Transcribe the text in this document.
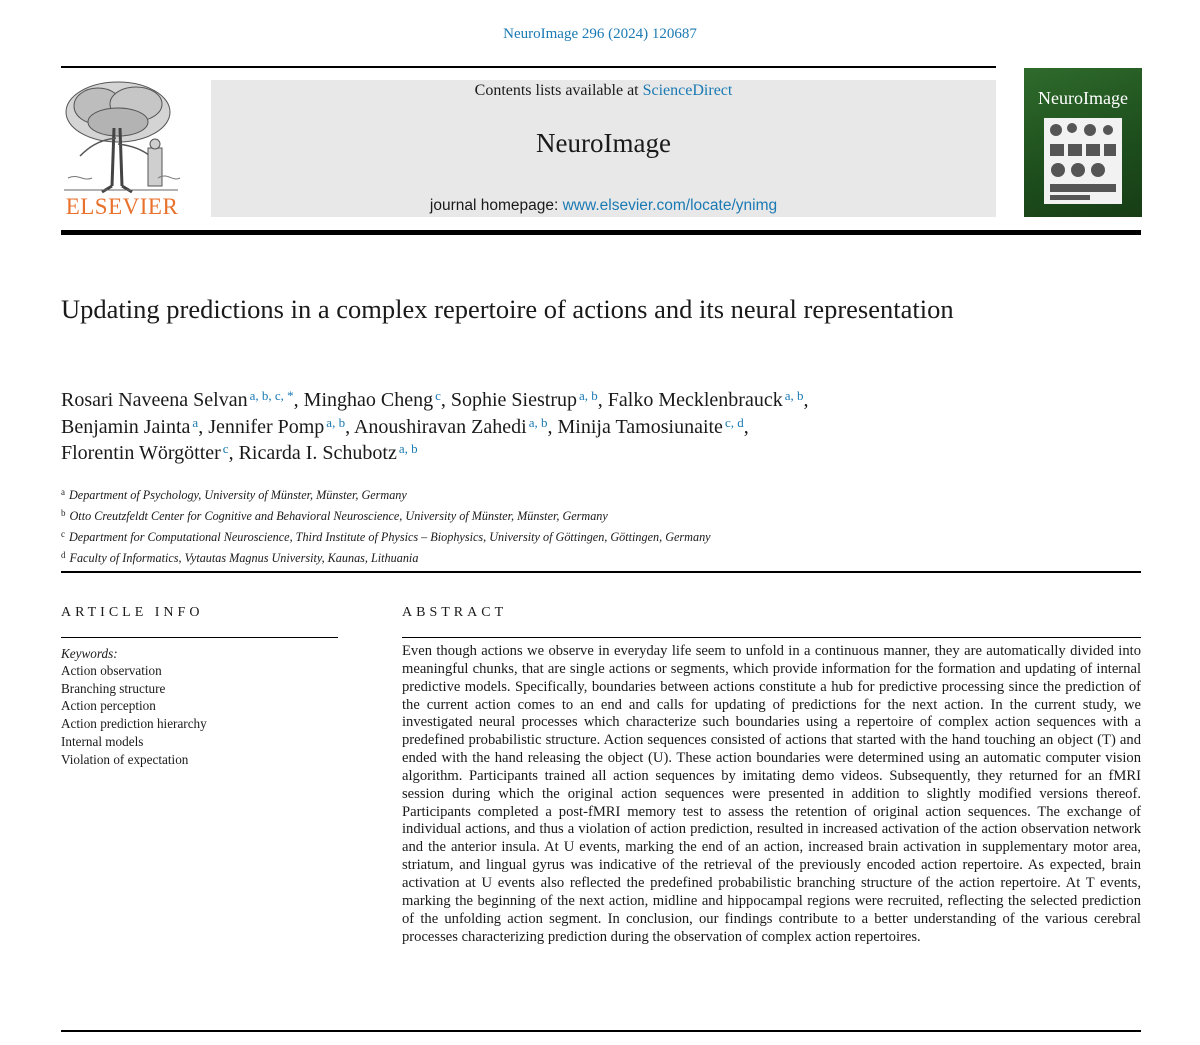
NeuroImage 296 (2024) 120687
ELSEVIER
Contents lists available at ScienceDirect
NeuroImage
journal homepage: www.elsevier.com/locate/ynimg
NeuroImage
Updating predictions in a complex repertoire of actions and its neural representation
Rosari Naveena Selvan $^{a, b, c, *}$, Minghao Cheng $^c$, Sophie Siestrup $^{a, b}$, Falko Mecklenbrauck $^{a, b}$,
Benjamin Jainta $^a$, Jennifer Pomp $^{a, b}$, Anoushiravan Zahedi $^{a, b}$, Minija Tamosiunaite $^{c, d}$,
Florentin Wörgötter $^c$, Ricarda I. Schubotz $^{a, b}$
$^a$ Department of Psychology, University of Münster, Münster, Germany
$^b$ Otto Creutzfeldt Center for Cognitive and Behavioral Neuroscience, University of Münster, Münster, Germany
$^c$ Department for Computational Neuroscience, Third Institute of Physics – Biophysics, University of Göttingen, Göttingen, Germany
$^d$ Faculty of Informatics, Vytautas Magnus University, Kaunas, Lithuania
ARTICLE INFO
Keywords:
Action observation
Branching structure
Action perception
Action prediction hierarchy
Internal models
Violation of expectation
ABSTRACT
Even though actions we observe in everyday life seem to unfold in a continuous manner, they are automatically divided into meaningful chunks, that are single actions or segments, which provide information for the formation and updating of internal predictive models. Specifically, boundaries between actions constitute a hub for predictive processing since the prediction of the current action comes to an end and calls for updating of predictions for the next action. In the current study, we investigated neural processes which characterize such boundaries using a repertoire of complex action sequences with a predefined probabilistic structure. Action sequences consisted of actions that started with the hand touching an object (T) and ended with the hand releasing the object (U). These action boundaries were determined using an automatic computer vision algorithm. Participants trained all action sequences by imitating demo videos. Subsequently, they returned for an fMRI session during which the original action sequences were presented in addition to slightly modified versions thereof. Participants completed a post-fMRI memory test to assess the retention of original action sequences. The exchange of individual actions, and thus a violation of action prediction, resulted in increased activation of the action observation network and the anterior insula. At U events, marking the end of an action, increased brain activation in supplementary motor area, striatum, and lingual gyrus was indicative of the retrieval of the previously encoded action repertoire. As expected, brain activation at U events also reflected the predefined probabilistic branching structure of the action repertoire. At T events, marking the beginning of the next action, midline and hippocampal regions were recruited, reflecting the selected prediction of the unfolding action segment. In conclusion, our findings contribute to a better understanding of the various cerebral processes characterizing prediction during the observation of complex action repertoires.
